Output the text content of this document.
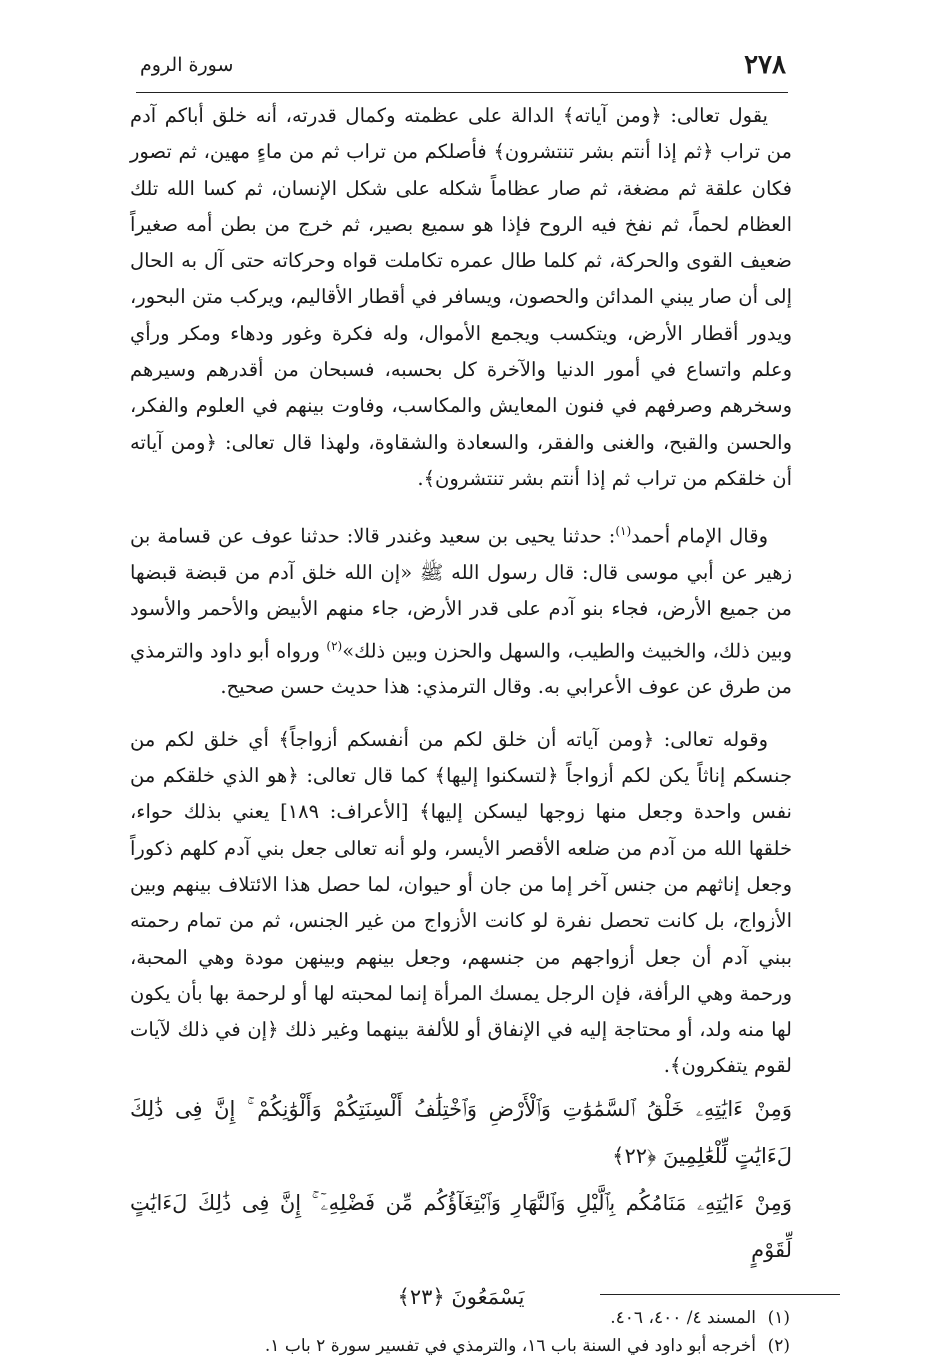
سورة الروم	٢٧٨

يقول تعالى: ﴿ومن آياته﴾ الدالة على عظمته وكمال قدرته، أنه خلق أباكم آدم من تراب ﴿ثم إذا أنتم بشر تنتشرون﴾ فأصلكم من تراب ثم من ماءٍ مهين، ثم تصور فكان علقة ثم مضغة، ثم صار عظاماً شكله على شكل الإنسان، ثم كسا الله تلك العظام لحماً، ثم نفخ فيه الروح فإذا هو سميع بصير، ثم خرج من بطن أمه صغيراً ضعيف القوى والحركة، ثم كلما طال عمره تكاملت قواه وحركاته حتى آل به الحال إلى أن صار يبني المدائن والحصون، ويسافر في أقطار الأقاليم، ويركب متن البحور، ويدور أقطار الأرض، ويتكسب ويجمع الأموال، وله فكرة وغور ودهاء ومكر ورأي وعلم واتساع في أمور الدنيا والآخرة كل بحسبه، فسبحان من أقدرهم وسيرهم وسخرهم وصرفهم في فنون المعايش والمكاسب، وفاوت بينهم في العلوم والفكر، والحسن والقبح، والغنى والفقر، والسعادة والشقاوة، ولهذا قال تعالى: ﴿ومن آياته أن خلقكم من تراب ثم إذا أنتم بشر تنتشرون﴾.

وقال الإمام أحمد$^{(١)}$: حدثنا يحيى بن سعيد وغندر قالا: حدثنا عوف عن قسامة بن زهير عن أبي موسى قال: قال رسول الله ﷺ «إن الله خلق آدم من قبضة قبضها من جميع الأرض، فجاء بنو آدم على قدر الأرض، جاء منهم الأبيض والأحمر والأسود وبين ذلك، والخبيث والطيب، والسهل والحزن وبين ذلك»$^{(٢)}$ ورواه أبو داود والترمذي من طرق عن عوف الأعرابي به. وقال الترمذي: هذا حديث حسن صحيح.

وقوله تعالى: ﴿ومن آياته أن خلق لكم من أنفسكم أزواجاً﴾ أي خلق لكم من جنسكم إناثاً يكن لكم أزواجاً ﴿لتسكنوا إليها﴾ كما قال تعالى: ﴿هو الذي خلقكم من نفس واحدة وجعل منها زوجها ليسكن إليها﴾ [الأعراف: ١٨٩] يعني بذلك حواء، خلقها الله من آدم من ضلعه الأقصر الأيسر، ولو أنه تعالى جعل بني آدم كلهم ذكوراً وجعل إناثهم من جنس آخر إما من جان أو حيوان، لما حصل هذا الائتلاف بينهم وبين الأزواج، بل كانت تحصل نفرة لو كانت الأزواج من غير الجنس، ثم من تمام رحمته ببني آدم أن جعل أزواجهم من جنسهم، وجعل بينهم وبينهن مودة وهي المحبة، ورحمة وهي الرأفة، فإن الرجل يمسك المرأة إنما لمحبته لها أو لرحمة بها بأن يكون لها منه ولد، أو محتاجة إليه في الإنفاق أو للألفة بينهما وغير ذلك ﴿إن في ذلك لآيات لقوم يتفكرون﴾.

وَمِنْ ءَايَٰتِهِۦ خَلْقُ ٱلسَّمَٰوَٰتِ وَٱلْأَرْضِ وَٱخْتِلَٰفُ أَلْسِنَتِكُمْ وَأَلْوَٰنِكُمْ ۚ إِنَّ فِى ذَٰلِكَ لَءَايَٰتٍ لِّلْعَٰلِمِينَ ﴿٢٢﴾

وَمِنْ ءَايَٰتِهِۦ مَنَامُكُم بِٱلَّيْلِ وَٱلنَّهَارِ وَٱبْتِغَآؤُكُم مِّن فَضْلِهِۦٓ ۚ إِنَّ فِى ذَٰلِكَ لَءَايَٰتٍ لِّقَوْمٍ

يَسْمَعُونَ ﴿٢٣﴾

(١)المسند ٤/ ٤٠٠، ٤٠٦.

(٢)أخرجه أبو داود في السنة باب ١٦، والترمذي في تفسير سورة ٢ باب ١.
